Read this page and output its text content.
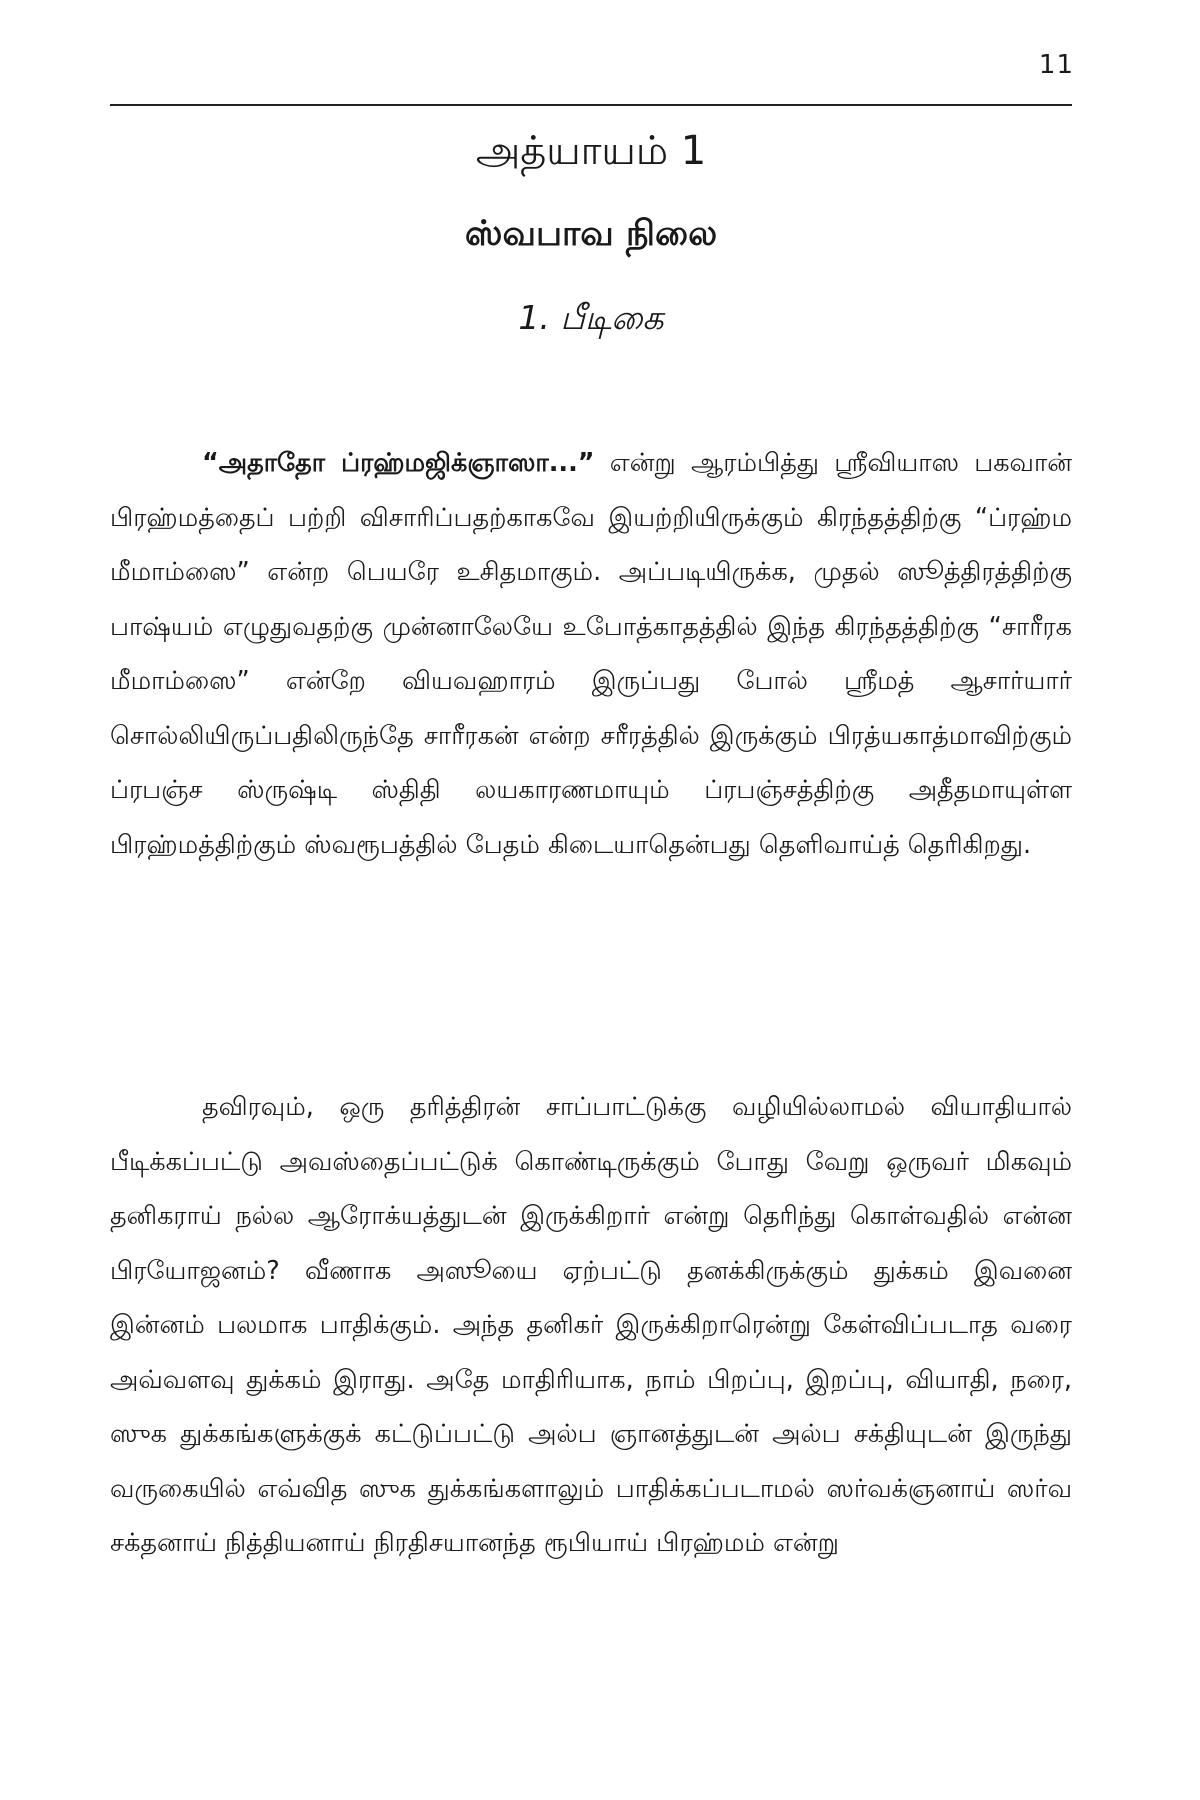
11
அத்யாயம் 1
ஸ்வபாவ நிலை
1. பீடிகை

“அதாதோ ப்ரஹ்மஜிக்ஞாஸா...” என்று ஆரம்பித்து ஸ்ரீவியாஸ பகவான் பிரஹ்மத்தைப் பற்றி விசாரிப்பதற்காகவே இயற்றியிருக்கும் கிரந்தத்திற்கு “ப்ரஹ்ம மீமாம்ஸை” என்ற பெயரே உசிதமாகும். அப்படியிருக்க, முதல் ஸூத்திரத்திற்கு பாஷ்யம் எழுதுவதற்கு முன்னாலேயே உபோத்காதத்தில் இந்த கிரந்தத்திற்கு “சாரீரக மீமாம்ஸை” என்றே வியவஹாரம் இருப்பது போல் ஸ்ரீமத் ஆசார்யார் சொல்லியிருப்பதிலிருந்தே சாரீரகன் என்ற சரீரத்தில் இருக்கும் பிரத்யகாத்மாவிற்கும் ப்ரபஞ்ச ஸ்ருஷ்டி ஸ்திதி லயகாரணமாயும் ப்ரபஞ்சத்திற்கு அதீதமாயுள்ள பிரஹ்மத்திற்கும் ஸ்வரூபத்தில் பேதம் கிடையாதென்பது தெளிவாய்த் தெரிகிறது.

தவிரவும், ஒரு தரித்திரன் சாப்பாட்டுக்கு வழியில்லாமல் வியாதியால் பீடிக்கப்பட்டு அவஸ்தைப்பட்டுக் கொண்டிருக்கும் போது வேறு ஒருவர் மிகவும் தனிகராய் நல்ல ஆரோக்யத்துடன் இருக்கிறார் என்று தெரிந்து கொள்வதில் என்ன பிரயோஜனம்? வீணாக அஸூயை ஏற்பட்டு தனக்கிருக்கும் துக்கம் இவனை இன்னம் பலமாக பாதிக்கும். அந்த தனிகர் இருக்கிறாரென்று கேள்விப்படாத வரை அவ்வளவு துக்கம் இராது. அதே மாதிரியாக, நாம் பிறப்பு, இறப்பு, வியாதி, நரை, ஸுக துக்கங்களுக்குக் கட்டுப்பட்டு அல்ப ஞானத்துடன் அல்ப சக்தியுடன் இருந்து வருகையில் எவ்வித ஸுக துக்கங்களாலும் பாதிக்கப்படாமல் ஸர்வக்ஞனாய் ஸர்வ சக்தனாய் நித்தியனாய் நிரதிசயானந்த ரூபியாய் பிரஹ்மம் என்று
